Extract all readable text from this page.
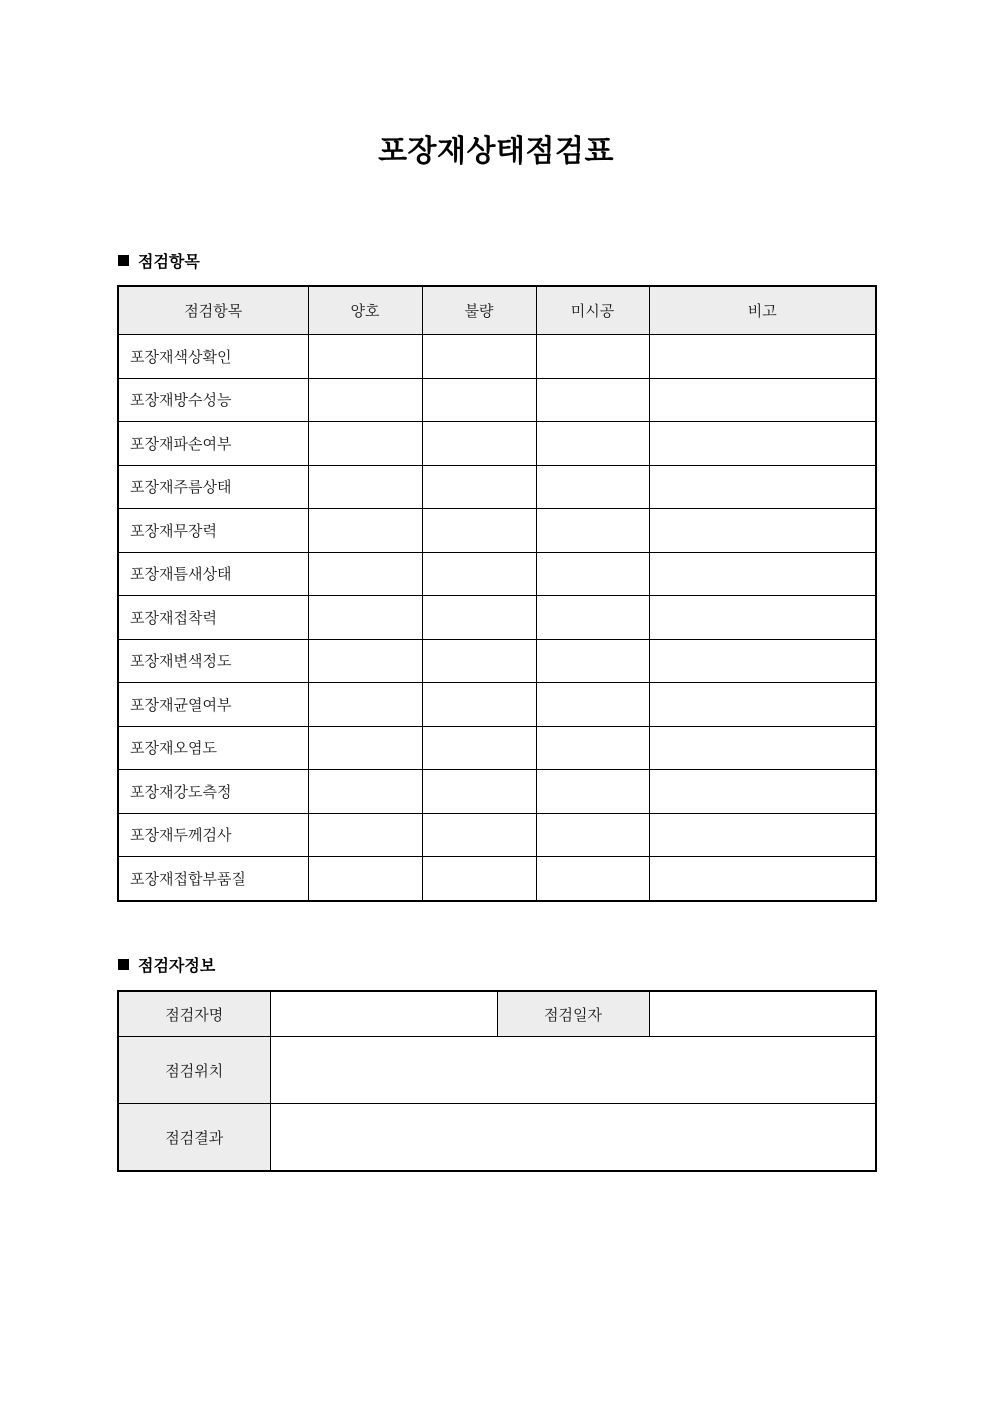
포장재상태점검표
점검항목
점검항목	양호	불량	미시공	비고
포장재색상확인				
포장재방수성능				
포장재파손여부				
포장재주름상태				
포장재무장력				
포장재틈새상태				
포장재접착력				
포장재변색정도				
포장재균열여부				
포장재오염도				
포장재강도측정				
포장재두께검사				
포장재접합부품질				
점검자정보
점검자명		점검일자	
점검위치			
점검결과			
